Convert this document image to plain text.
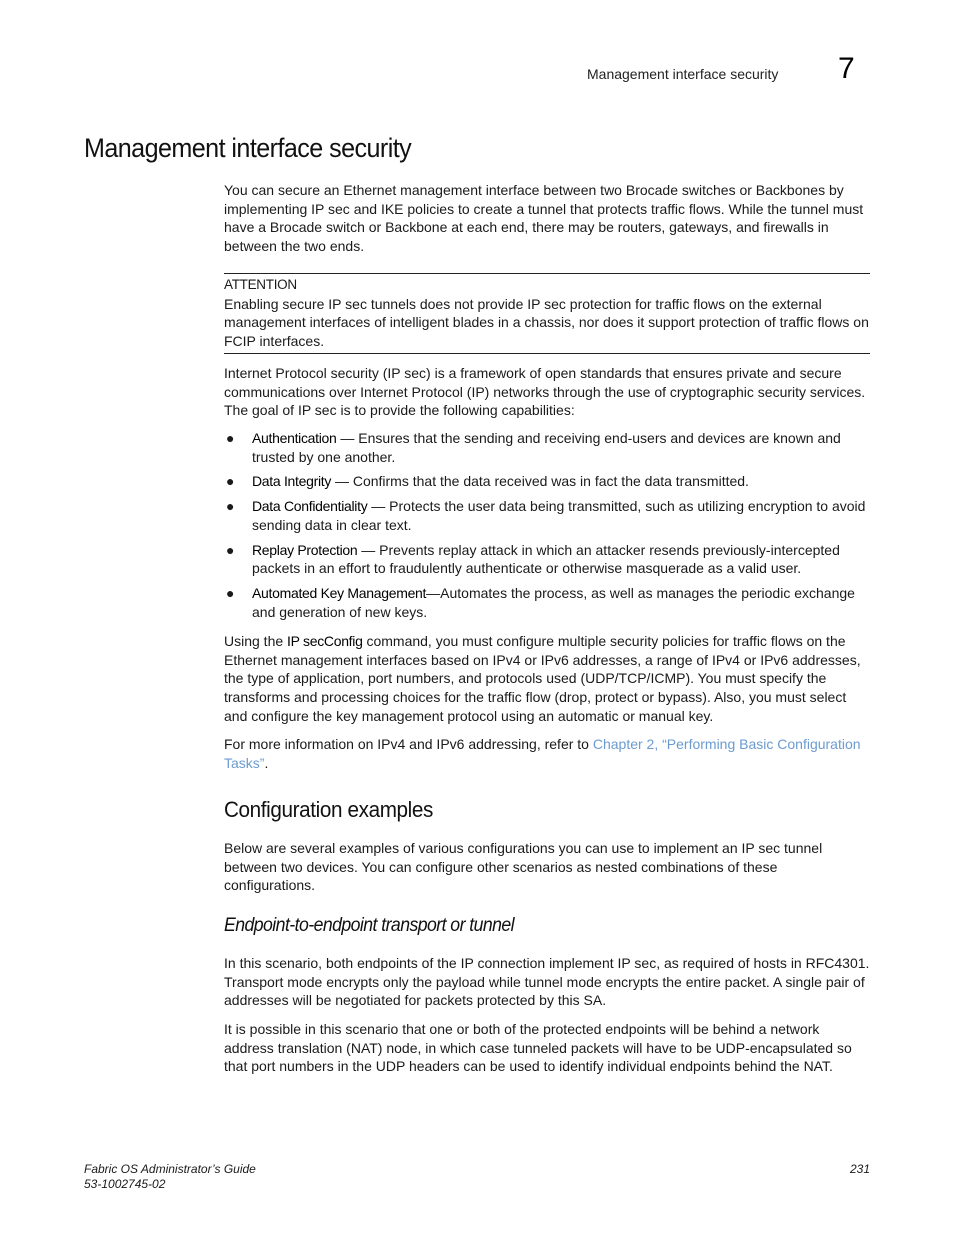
Management interface security 7
Management interface security

You can secure an Ethernet management interface between two Brocade switches or Backbones by implementing IP sec and IKE policies to create a tunnel that protects traffic flows. While the tunnel must have a Brocade switch or Backbone at each end, there may be routers, gateways, and firewalls in between the two ends.

ATTENTION

Enabling secure IP sec tunnels does not provide IP sec protection for traffic flows on the external management interfaces of intelligent blades in a chassis, nor does it support protection of traffic flows on FCIP interfaces.

Internet Protocol security (IP sec) is a framework of open standards that ensures private and secure communications over Internet Protocol (IP) networks through the use of cryptographic security services. The goal of IP sec is to provide the following capabilities:

● Authentication — Ensures that the sending and receiving end-users and devices are known and trusted by one another.
● Data Integrity — Confirms that the data received was in fact the data transmitted.
● Data Confidentiality — Protects the user data being transmitted, such as utilizing encryption to avoid sending data in clear text.
● Replay Protection — Prevents replay attack in which an attacker resends previously-intercepted packets in an effort to fraudulently authenticate or otherwise masquerade as a valid user.
● Automated Key Management—Automates the process, as well as manages the periodic exchange and generation of new keys.

Using the IP secConfig command, you must configure multiple security policies for traffic flows on the Ethernet management interfaces based on IPv4 or IPv6 addresses, a range of IPv4 or IPv6 addresses, the type of application, port numbers, and protocols used (UDP/TCP/ICMP). You must specify the transforms and processing choices for the traffic flow (drop, protect or bypass). Also, you must select and configure the key management protocol using an automatic or manual key.

For more information on IPv4 and IPv6 addressing, refer to Chapter 2, “Performing Basic Configuration Tasks”.

Configuration examples

Below are several examples of various configurations you can use to implement an IP sec tunnel between two devices. You can configure other scenarios as nested combinations of these configurations.

Endpoint-to-endpoint transport or tunnel

In this scenario, both endpoints of the IP connection implement IP sec, as required of hosts in RFC4301. Transport mode encrypts only the payload while tunnel mode encrypts the entire packet. A single pair of addresses will be negotiated for packets protected by this SA.

It is possible in this scenario that one or both of the protected endpoints will be behind a network address translation (NAT) node, in which case tunneled packets will have to be UDP-encapsulated so that port numbers in the UDP headers can be used to identify individual endpoints behind the NAT.

Fabric OS Administrator’s Guide
53-1002745-02
231
